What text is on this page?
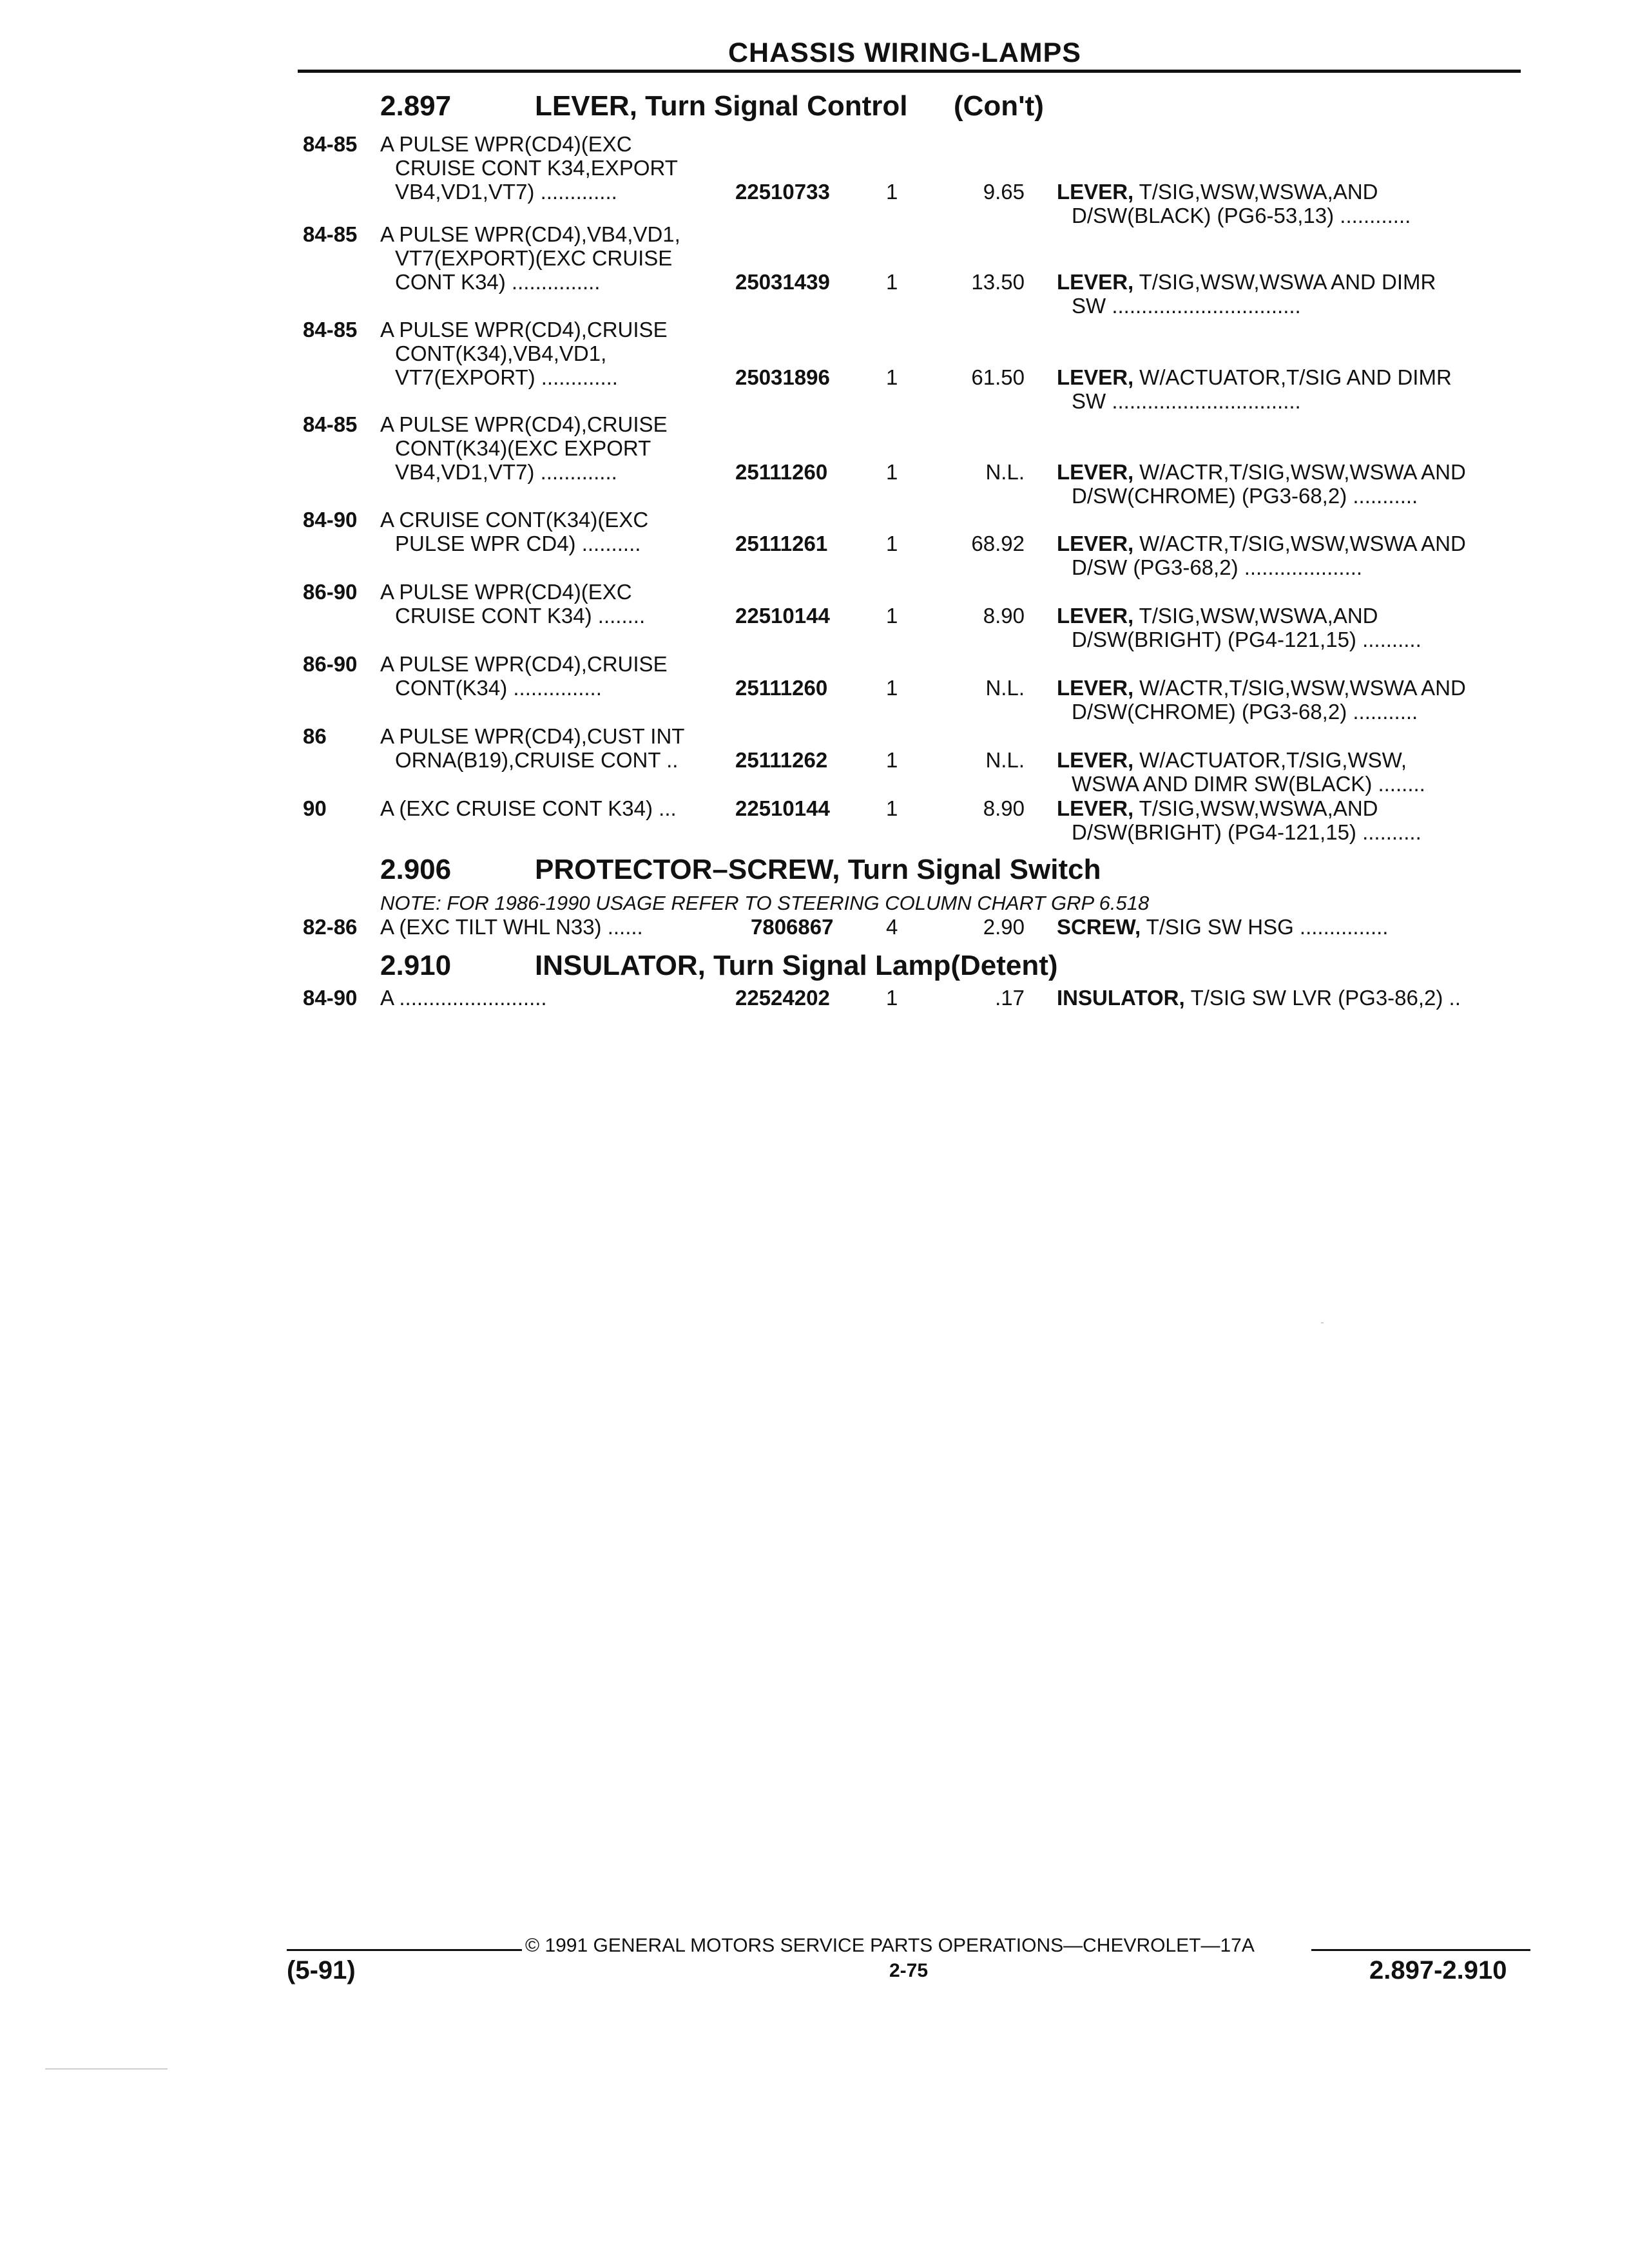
CHASSIS WIRING-LAMPS
2.897	LEVER, Turn Signal Control (Con't)
84-85 A PULSE WPR(CD4)(EXC
CRUISE CONT K34,EXPORT
VB4,VD1,VT7) .............	22510733	1	9.65 LEVER, T/SIG,WSW,WSWA,AND
D/SW(BLACK) (PG6-53,13) ............
84-85 A PULSE WPR(CD4),VB4,VD1,
VT7(EXPORT)(EXC CRUISE
CONT K34) ...............	25031439	1	13.50 LEVER, T/SIG,WSW,WSWA AND DIMR
SW ................................
84-85 A PULSE WPR(CD4),CRUISE
CONT(K34),VB4,VD1,
VT7(EXPORT) .............	25031896	1	61.50 LEVER, W/ACTUATOR,T/SIG AND DIMR
SW ................................
84-85 A PULSE WPR(CD4),CRUISE
CONT(K34)(EXC EXPORT
VB4,VD1,VT7) .............	25111260	1	N.L. LEVER, W/ACTR,T/SIG,WSW,WSWA AND
D/SW(CHROME) (PG3-68,2) ...........
84-90 A CRUISE CONT(K34)(EXC
PULSE WPR CD4) ..........	25111261	1	68.92 LEVER, W/ACTR,T/SIG,WSW,WSWA AND
D/SW (PG3-68,2) ....................
86-90 A PULSE WPR(CD4)(EXC
CRUISE CONT K34) ........	22510144	1	8.90 LEVER, T/SIG,WSW,WSWA,AND
D/SW(BRIGHT) (PG4-121,15) ..........
86-90 A PULSE WPR(CD4),CRUISE
CONT(K34) ...............	25111260	1	N.L. LEVER, W/ACTR,T/SIG,WSW,WSWA AND
D/SW(CHROME) (PG3-68,2) ...........
86	A PULSE WPR(CD4),CUST INT
ORNA(B19),CRUISE CONT ..	25111262	1	N.L. LEVER, W/ACTUATOR,T/SIG,WSW,
WSWA AND DIMR SW(BLACK) ........
90	A (EXC CRUISE CONT K34) ...	22510144	1	8.90 LEVER, T/SIG,WSW,WSWA,AND
D/SW(BRIGHT) (PG4-121,15) ..........
82-86 A (EXC TILT WHL N33) ......	7806867 4	2.90 SCREW, T/SIG SW HSG ...............
84-90 A .........................	22524202	1	.17 INSULATOR, T/SIG SW LVR (PG3-86,2) ..
2.906	PROTECTOR–SCREW, Turn Signal Switch
NOTE: FOR 1986-1990 USAGE REFER TO STEERING COLUMN CHART GRP 6.518
2.910	INSULATOR, Turn Signal Lamp(Detent)
© 1991 GENERAL MOTORS SERVICE PARTS OPERATIONS—CHEVROLET—17A
(5-91)	2-75	2.897-2.910
